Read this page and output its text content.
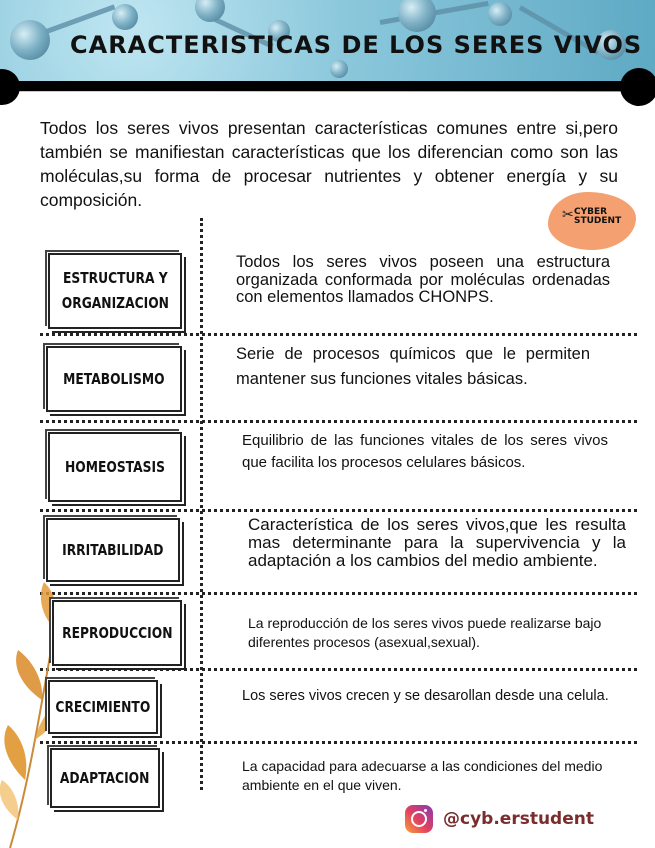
CARACTERISTICAS DE LOS SERES VIVOS

Todos los seres vivos presentan características comunes entre si,pero también se manifiestan características que los diferencian como son las moléculas,su forma de procesar nutrientes y obtener energía y su composición.

✂ CYBER
STUDENT
ESTRUCTURA Y ORGANIZACION

Todos los seres vivos poseen una estructura organizada conformada por moléculas ordenadas con elementos llamados CHONPS.

METABOLISMO

Serie de procesos químicos que le permiten mantener sus funciones vitales básicas.

HOMEOSTASIS

Equilibrio de las funciones vitales de los seres vivos que facilita los procesos celulares básicos.

IRRITABILIDAD

Característica de los seres vivos,que les resulta mas determinante para la supervivencia y la adaptación a los cambios del medio ambiente.

REPRODUCCION

La reproducción de los seres vivos puede realizarse bajo diferentes procesos (asexual,sexual).

CRECIMIENTO

Los seres vivos crecen y se desarollan desde una celula.

ADAPTACION

La capacidad para adecuarse a las condiciones del medio ambiente en el que viven.

@cyb.erstudent
